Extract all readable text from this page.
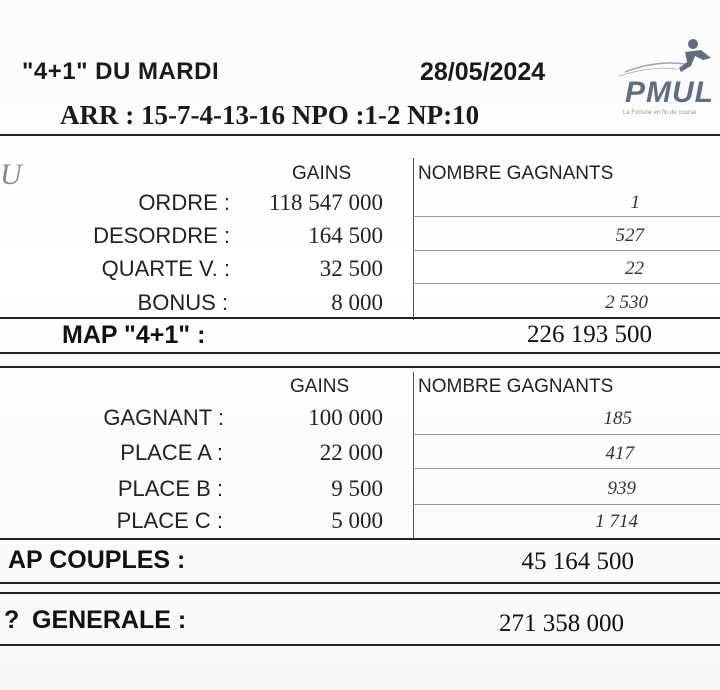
"4+1" DU MARDI	28/05/2024
ARR : 15-7-4-13-16 NPO :1-2 NP:10
PMUL
La Fortune en fin de course
U	GAINS	NOMBRE GAGNANTS
ORDRE : 118 547 000	1
DESORDRE :	164 500	527
QUARTE V. :	32 500	22
BONUS :	8 000	2 530
MAP "4+1" :	226 193 500
GAINS	NOMBRE GAGNANTS
GAGNANT :	100 000	185
PLACE A :	22 000	417
PLACE B :	9 500	939
PLACE C :	5 000	1 714
AP COUPLES :	45 164 500
? GENERALE :	271 358 000
